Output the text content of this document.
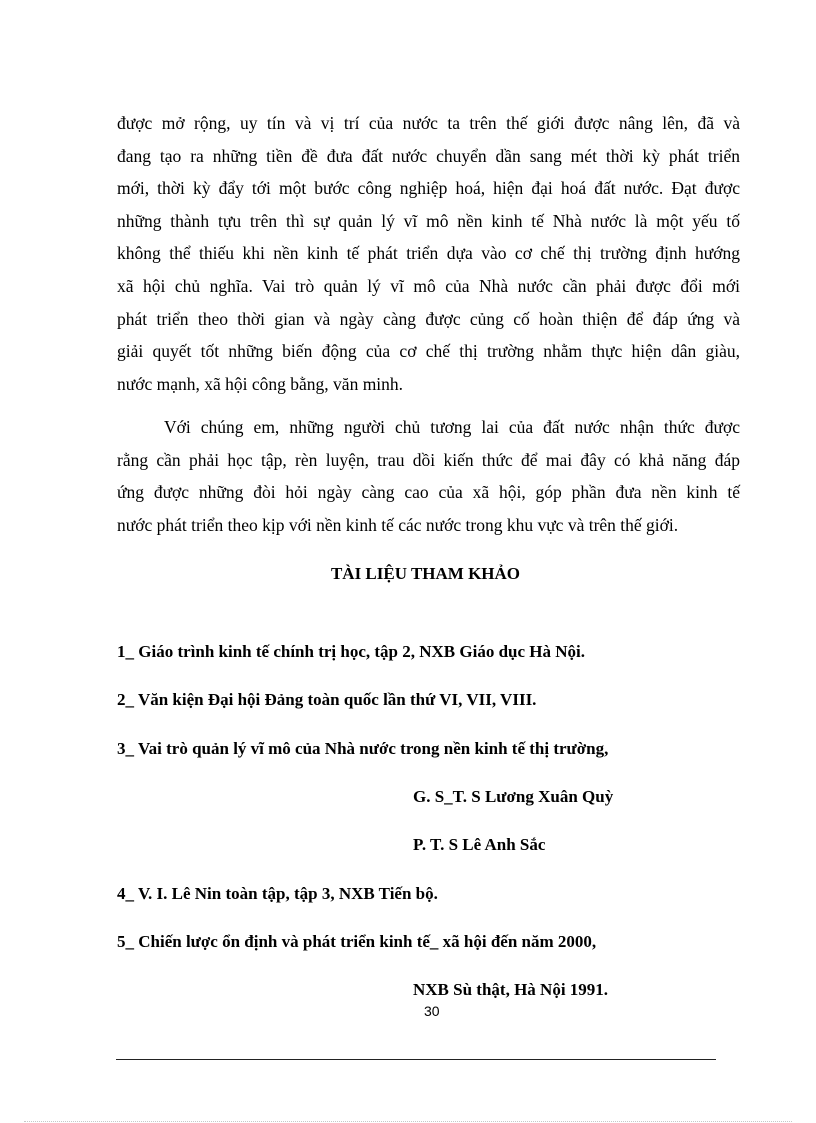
được mở rộng, uy tín và vị trí của nước ta trên thế giới được nâng lên, đã và
đang tạo ra những tiền đề đưa đất nước chuyển dần sang mét thời kỳ phát triển
mới, thời kỳ đẩy tới một bước công nghiệp hoá, hiện đại hoá đất nước. Đạt được
những thành tựu trên thì sự quản lý vĩ mô nền kinh tế Nhà nước là một yếu tố
không thể thiếu khi nền kinh tế phát triển dựa vào cơ chế thị trường định hướng
xã hội chủ nghĩa. Vai trò quản lý vĩ mô của Nhà nước cần phải được đổi mới
phát triển theo thời gian và ngày càng được củng cố hoàn thiện để đáp ứng và
giải quyết tốt những biến động của cơ chế thị trường nhằm thực hiện dân giàu,
nước mạnh, xã hội công bằng, văn minh.
Với chúng em, những người chủ tương lai của đất nước nhận thức được
rằng cần phải học tập, rèn luyện, trau dồi kiến thức để mai đây có khả năng đáp
ứng được những đòi hỏi ngày càng cao của xã hội, góp phần đưa nền kinh tế
nước phát triển theo kịp với nền kinh tế các nước trong khu vực và trên thế giới.
TÀI LIỆU THAM KHẢO
1_ Giáo trình kinh tế chính trị học, tập 2, NXB Giáo dục Hà Nội.
2_ Văn kiện Đại hội Đảng toàn quốc lần thứ VI, VII, VIII.
3_ Vai trò quản lý vĩ mô của Nhà nước trong nền kinh tế thị trường,
G. S_T. S Lương Xuân Quỳ
P. T. S Lê Anh Sắc
4_ V. I. Lê Nin toàn tập, tập 3, NXB Tiến bộ.
5_ Chiến lược ổn định và phát triển kinh tế_ xã hội đến năm 2000,
NXB Sù thật, Hà Nội 1991.
30
